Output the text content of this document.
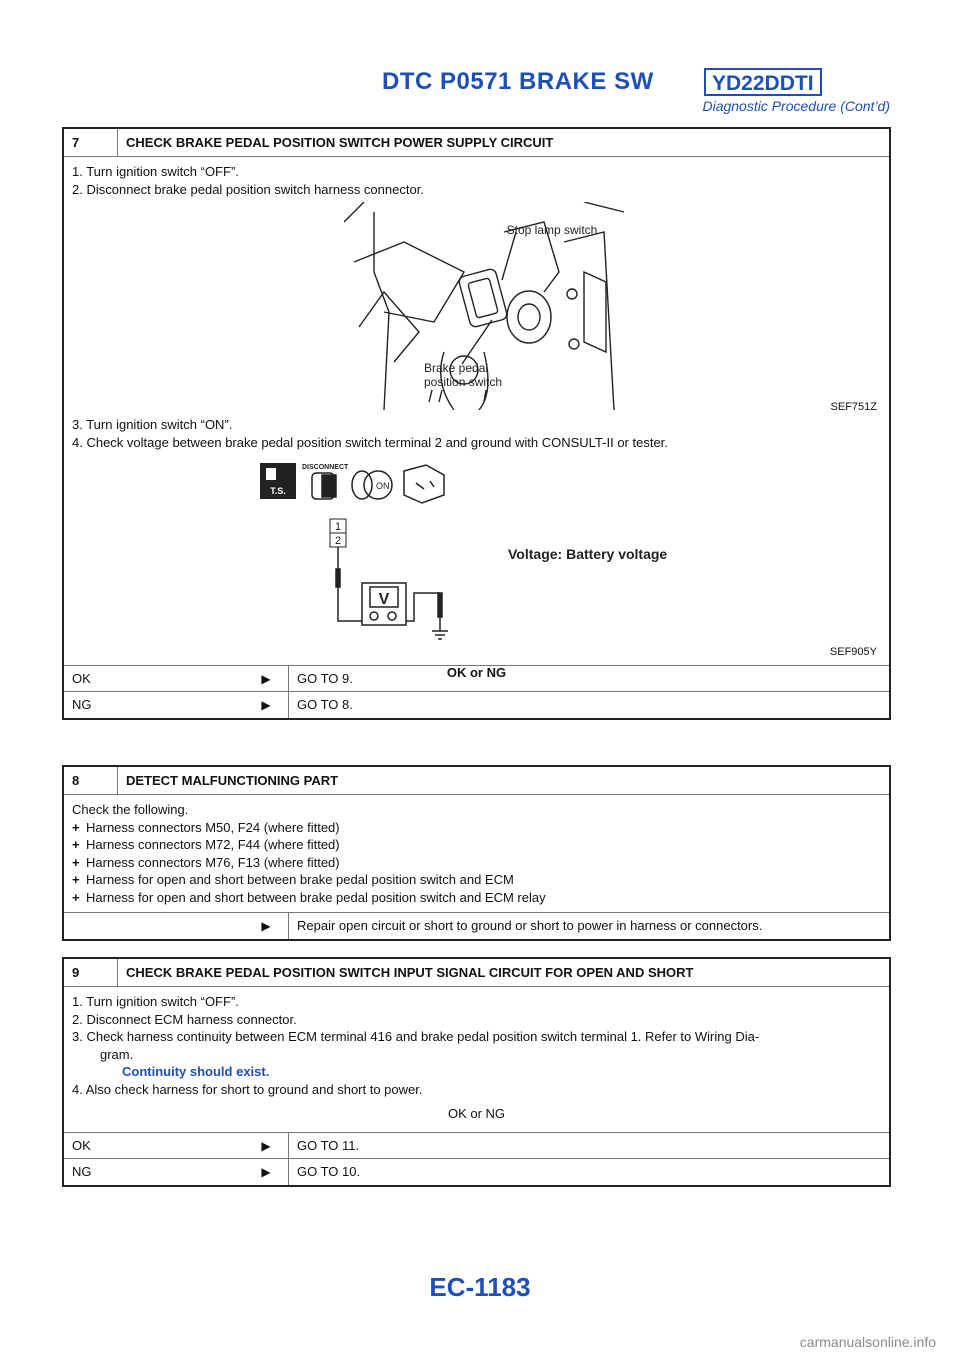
DTC P0571 BRAKE SW	YD22DDTI
Diagnostic Procedure (Cont’d)
7	CHECK BRAKE PEDAL POSITION SWITCH POWER SUPPLY CIRCUIT
1. Turn ignition switch “OFF”.
2. Disconnect brake pedal position switch harness connector.
Stop lamp switch
Brake pedal
position switch
SEF751Z
3. Turn ignition switch “ON”.
4. Check voltage between brake pedal position switch terminal 2 and ground with CONSULT-II or tester.
T.S.
DISCONNECT
ON
1
2
V
Voltage: Battery voltage
SEF905Y
OK or NG
OK	▶	GO TO 9.
NG	▶	GO TO 8.
8	DETECT MALFUNCTIONING PART
Check the following.
+ Harness connectors M50, F24 (where fitted)
+ Harness connectors M72, F44 (where fitted)
+ Harness connectors M76, F13 (where fitted)
+ Harness for open and short between brake pedal position switch and ECM
+ Harness for open and short between brake pedal position switch and ECM relay
▶	Repair open circuit or short to ground or short to power in harness or connectors.
9	CHECK BRAKE PEDAL POSITION SWITCH INPUT SIGNAL CIRCUIT FOR OPEN AND SHORT
1. Turn ignition switch “OFF”.
2. Disconnect ECM harness connector.
3. Check harness continuity between ECM terminal 416 and brake pedal position switch terminal 1. Refer to Wiring Dia-
gram.
Continuity should exist.
4. Also check harness for short to ground and short to power.
OK or NG
OK	▶	GO TO 11.
NG	▶	GO TO 10.
EC-1183
carmanualsonline.info
